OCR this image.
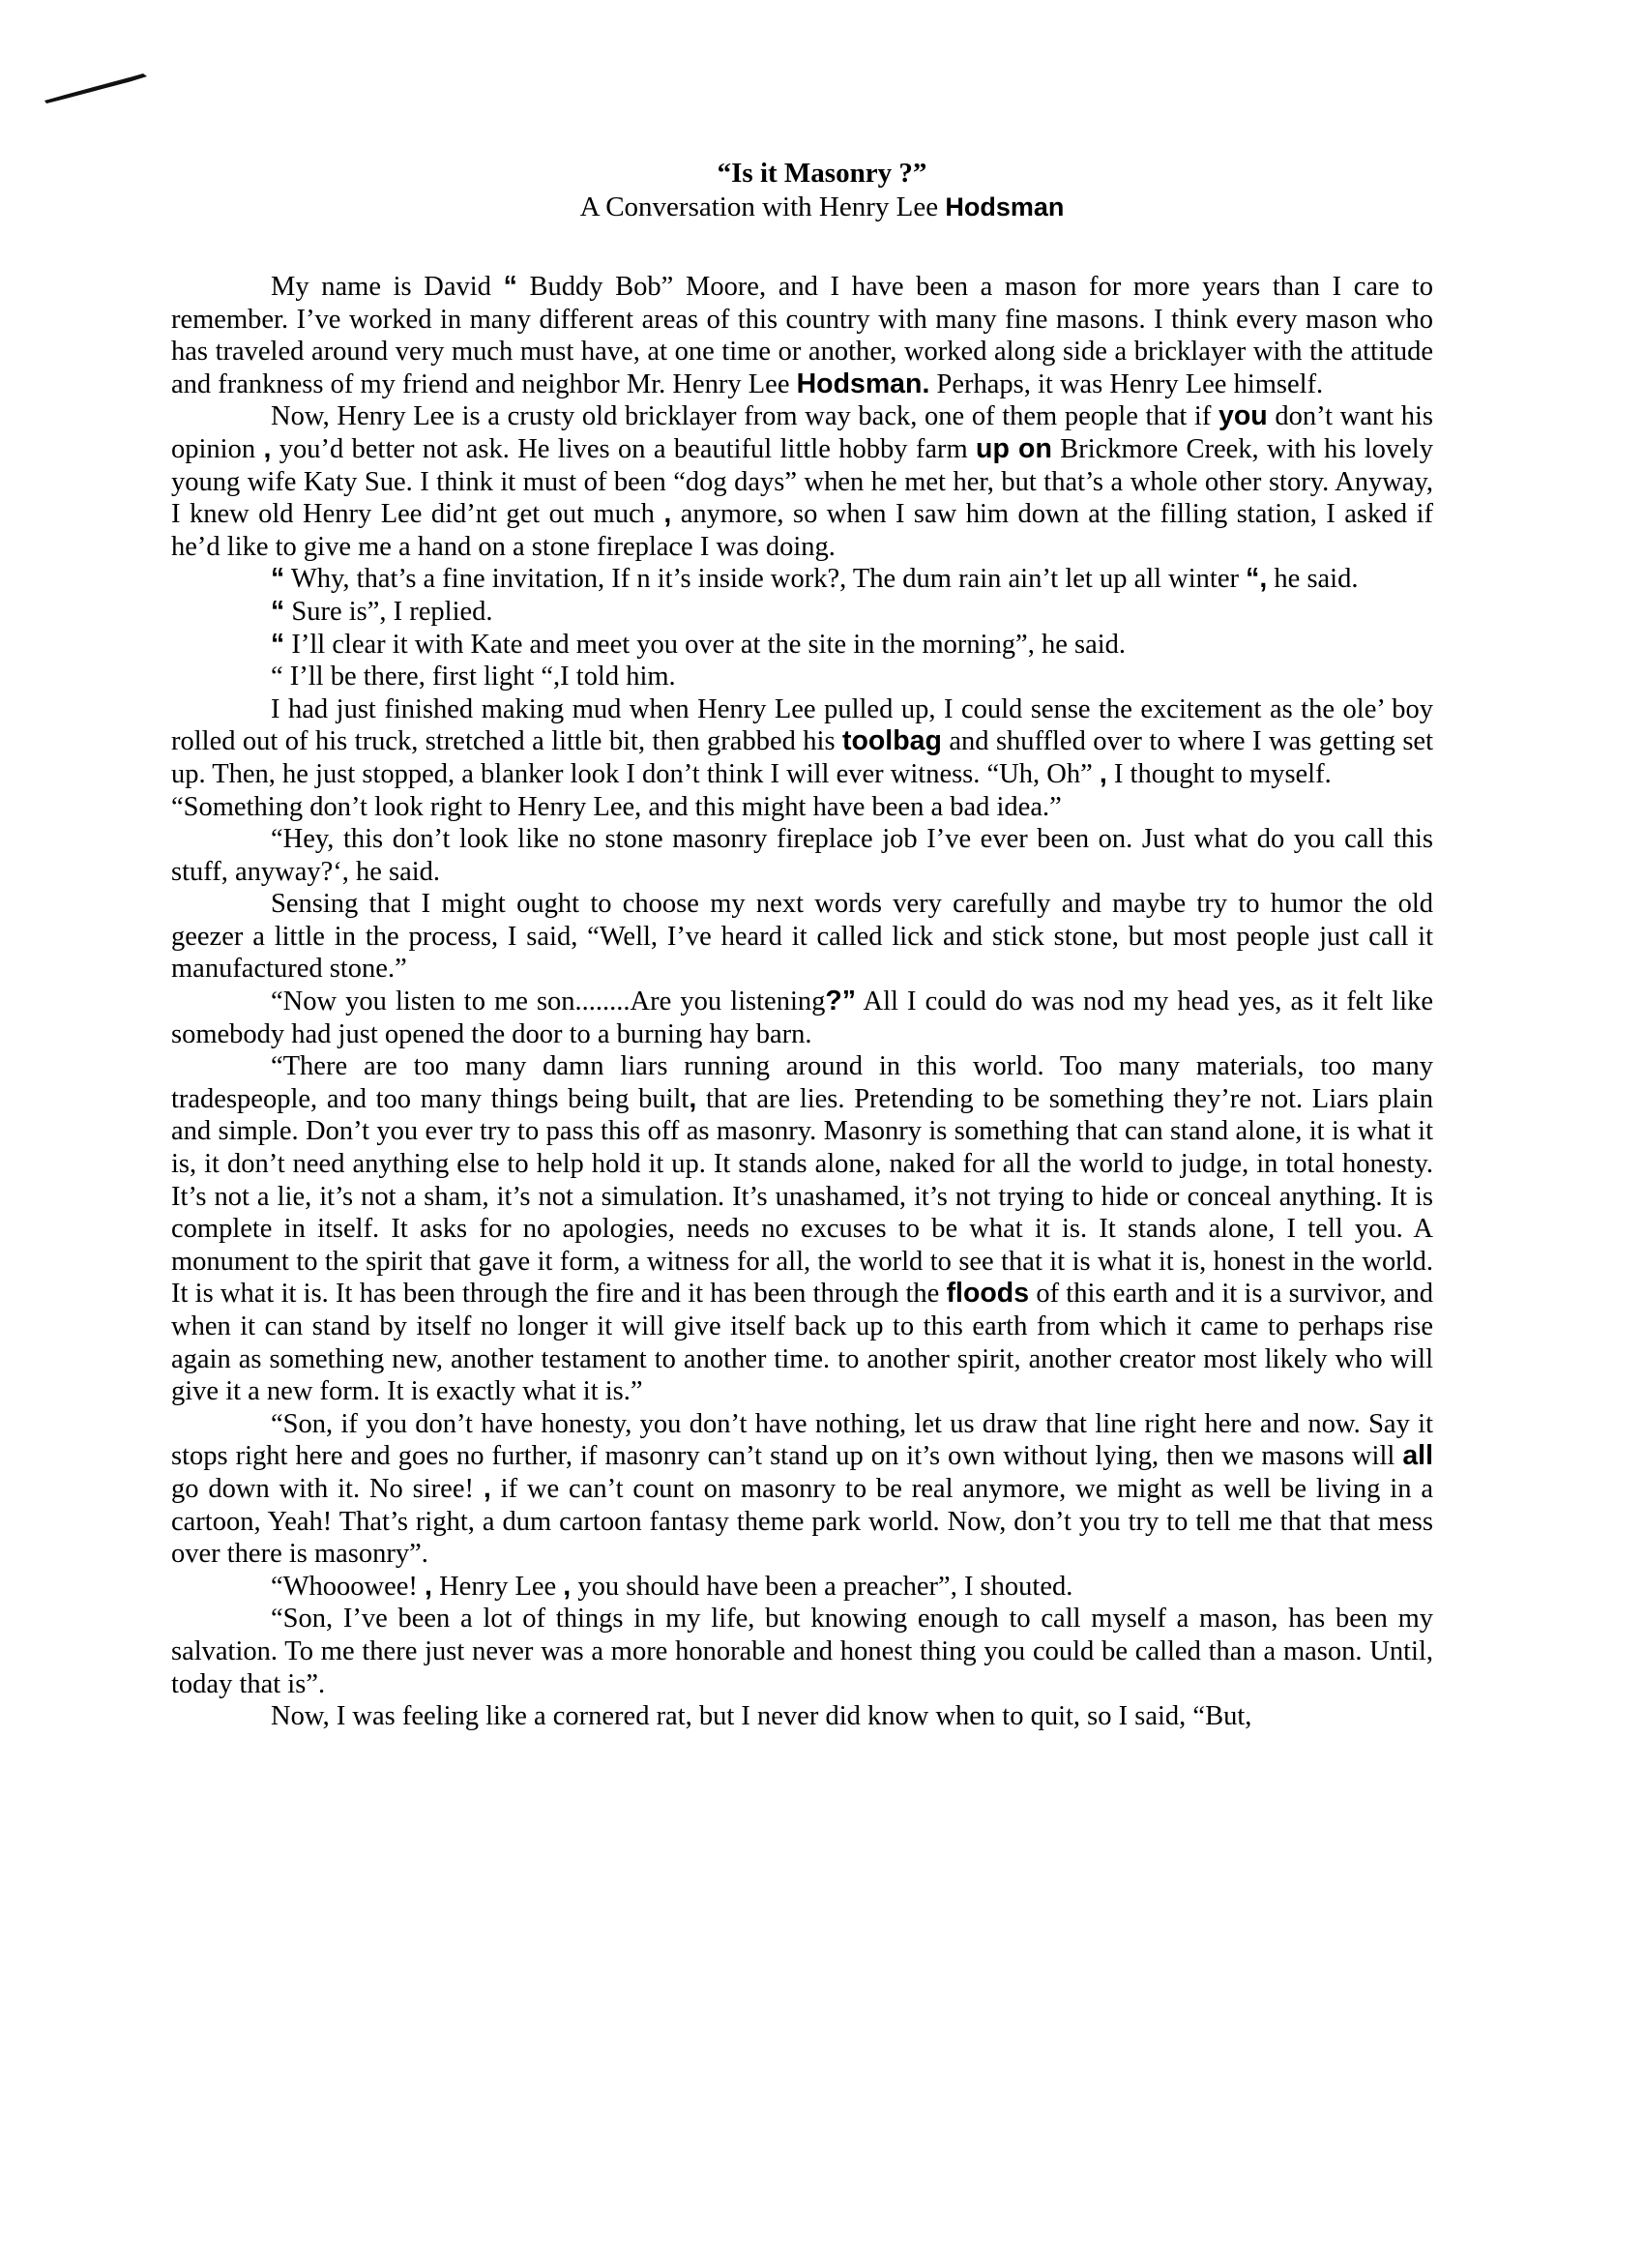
“Is it Masonry ?”
A Conversation with Henry Lee Hodsman

My name is David “ Buddy Bob” Moore, and I have been a mason for more years than I care to remember. I’ve worked in many different areas of this country with many fine masons. I think every mason who has traveled around very much must have, at one time or another, worked along side a bricklayer with the attitude and frankness of my friend and neighbor Mr. Henry Lee Hodsman. Perhaps, it was Henry Lee himself.

Now, Henry Lee is a crusty old bricklayer from way back, one of them people that if you don’t want his opinion , you’d better not ask. He lives on a beautiful little hobby farm up on Brickmore Creek, with his lovely young wife Katy Sue. I think it must of been “dog days” when he met her, but that’s a whole other story. Anyway, I knew old Henry Lee did’nt get out much , anymore, so when I saw him down at the filling station, I asked if he’d like to give me a hand on a stone fireplace I was doing.

“ Why, that’s a fine invitation, If n it’s inside work?, The dum rain ain’t let up all winter “, he said.

“ Sure is”, I replied.

“ I’ll clear it with Kate and meet you over at the site in the morning”, he said.

“ I’ll be there, first light “,I told him.

I had just finished making mud when Henry Lee pulled up, I could sense the excitement as the ole’ boy rolled out of his truck, stretched a little bit, then grabbed his toolbag and shuffled over to where I was getting set up. Then, he just stopped, a blanker look I don’t think I will ever witness. “Uh, Oh” , I thought to myself.

“Something don’t look right to Henry Lee, and this might have been a bad idea.”

“Hey, this don’t look like no stone masonry fireplace job I’ve ever been on. Just what do you call this stuff, anyway?‘, he said.

Sensing that I might ought to choose my next words very carefully and maybe try to humor the old geezer a little in the process, I said, “Well, I’ve heard it called lick and stick stone, but most people just call it manufactured stone.”

“Now you listen to me son........Are you listening?” All I could do was nod my head yes, as it felt like somebody had just opened the door to a burning hay barn.

“There are too many damn liars running around in this world. Too many materials, too many tradespeople, and too many things being built, that are lies. Pretending to be something they’re not. Liars plain and simple. Don’t you ever try to pass this off as masonry. Masonry is something that can stand alone, it is what it is, it don’t need anything else to help hold it up. It stands alone, naked for all the world to judge, in total honesty. It’s not a lie, it’s not a sham, it’s not a simulation. It’s unashamed, it’s not trying to hide or conceal anything. It is complete in itself. It asks for no apologies, needs no excuses to be what it is. It stands alone, I tell you. A monument to the spirit that gave it form, a witness for all, the world to see that it is what it is, honest in the world. It is what it is. It has been through the fire and it has been through the floods of this earth and it is a survivor, and when it can stand by itself no longer it will give itself back up to this earth from which it came to perhaps rise again as something new, another testament to another time. to another spirit, another creator most likely who will give it a new form. It is exactly what it is.”

“Son, if you don’t have honesty, you don’t have nothing, let us draw that line right here and now. Say it stops right here and goes no further, if masonry can’t stand up on it’s own without lying, then we masons will all go down with it. No siree! , if we can’t count on masonry to be real anymore, we might as well be living in a cartoon, Yeah! That’s right, a dum cartoon fantasy theme park world. Now, don’t you try to tell me that that mess over there is masonry”.

“Whooowee! , Henry Lee , you should have been a preacher”, I shouted.

“Son, I’ve been a lot of things in my life, but knowing enough to call myself a mason, has been my salvation. To me there just never was a more honorable and honest thing you could be called than a mason. Until, today that is”.

Now, I was feeling like a cornered rat, but I never did know when to quit, so I said, “But,
